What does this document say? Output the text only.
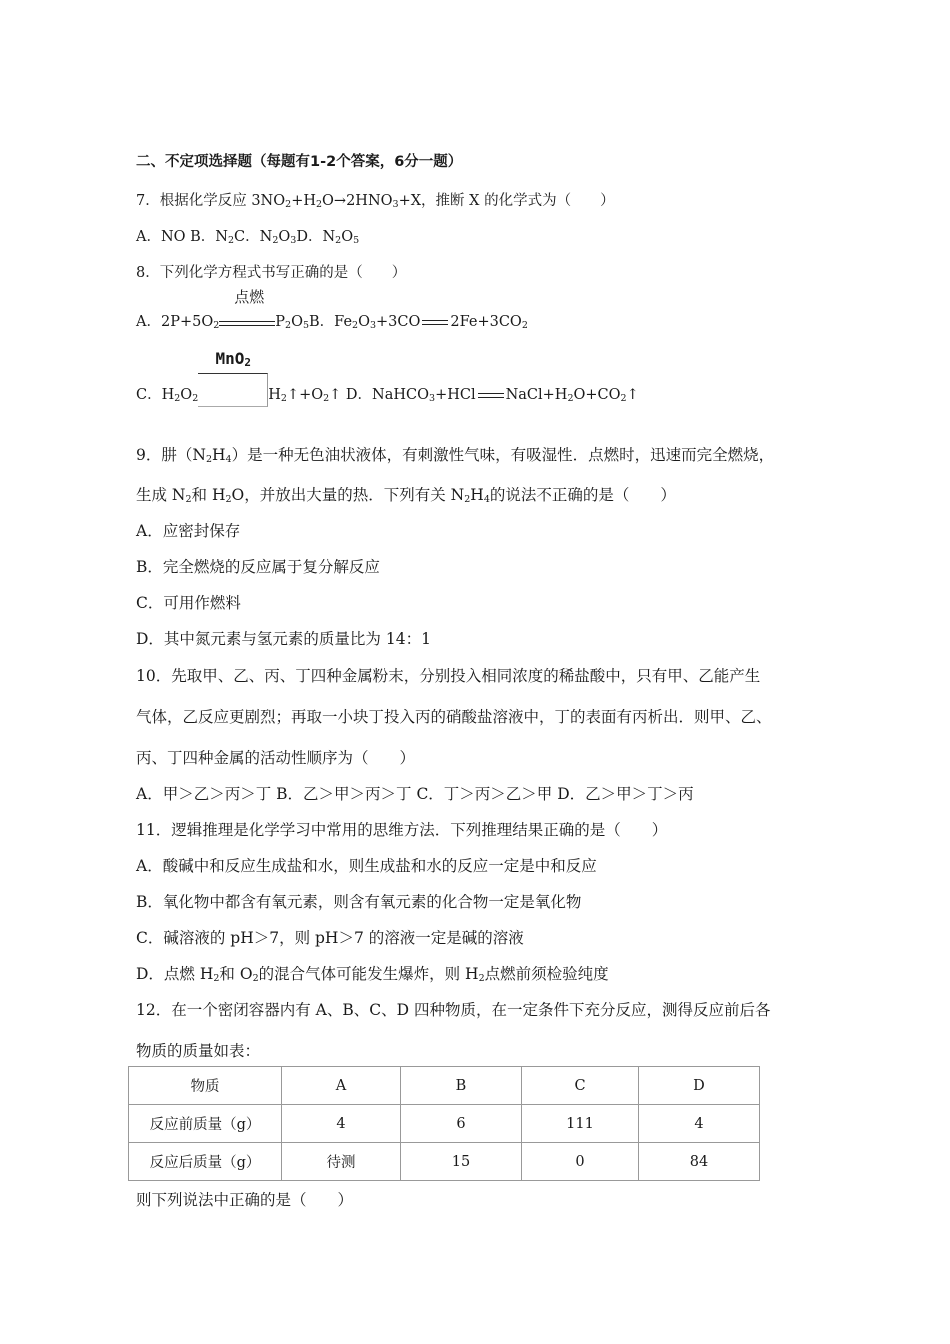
二、不定项选择题（每题有1-2个答案，6分一题）
7．根据化学反应 $3NO_2+H_2O\to 2HNO_3+X$，推断 X 的化学式为（　　）
A．NO B．$N_2C$．$N_2O_3D$．$N_2O_5$
8．下列化学方程式书写正确的是（　　）
A．$2P+5O_2$
点燃
$P_2O_5B$．$Fe_2O_3+3CO$ $2Fe+3CO_2$
C．$H_2O_2$
MnO$_2$
$H_2↑+O_2↑$ D．NaHCO$_3$+HCl $NaCl+H_2O+CO_2↑$
9．肼$(N_2H_4)$是一种无色油状液体，有刺激性气味，有吸湿性．点燃时，迅速而完全燃烧，
生成 $N_2$和 $H_2O$，并放出大量的热．下列有关 $N_2H_4$的说法不正确的是（　　）
A．应密封保存
B．完全燃烧的反应属于复分解反应
C．可用作燃料
D．其中氮元素与氢元素的质量比为 14：1
10．先取甲、乙、丙、丁四种金属粉末，分别投入相同浓度的稀盐酸中，只有甲、乙能产生
气体，乙反应更剧烈；再取一小块丁投入丙的硝酸盐溶液中，丁的表面有丙析出．则甲、乙、
丙、丁四种金属的活动性顺序为（　　）
A．甲＞乙＞丙＞丁 B．乙＞甲＞丙＞丁 C．丁＞丙＞乙＞甲 D．乙＞甲＞丁＞丙
11．逻辑推理是化学学习中常用的思维方法．下列推理结果正确的是（　　）
A．酸碱中和反应生成盐和水，则生成盐和水的反应一定是中和反应
B．氧化物中都含有氧元素，则含有氧元素的化合物一定是氧化物
C．碱溶液的 pH＞7，则 pH＞7 的溶液一定是碱的溶液
D．点燃 $H_2$和 $O_2$的混合气体可能发生爆炸，则 $H_2$点燃前须检验纯度
12．在一个密闭容器内有 A、B、C、D 四种物质，在一定条件下充分反应，测得反应前后各
物质的质量如表：
物质	A	B	C	D
反应前质量（g）	4	6	111	4
反应后质量（g）	待测	15	0	84
则下列说法中正确的是（　　）
